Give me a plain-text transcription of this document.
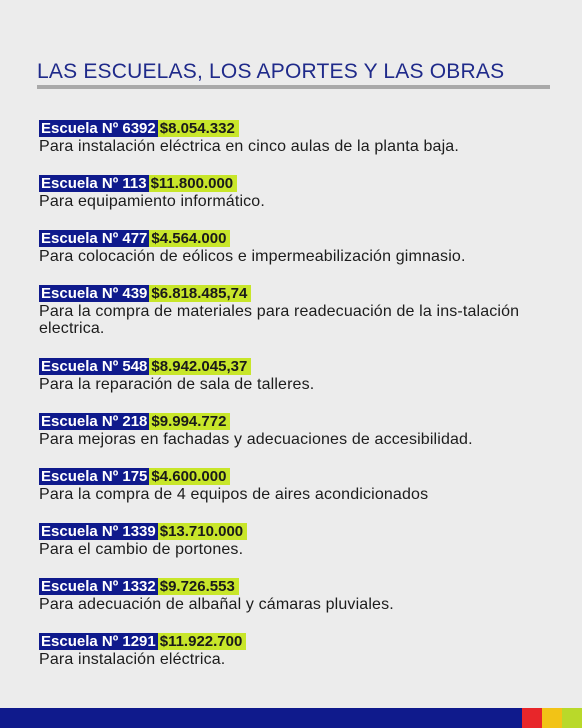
LAS ESCUELAS, LOS APORTES Y LAS OBRAS
Escuela Nº 6392 $8.054.332
Para instalación eléctrica en cinco aulas de la planta baja.
Escuela Nº 113 $11.800.000
Para equipamiento informático.
Escuela Nº 477 $4.564.000
Para colocación de eólicos e impermeabilización gimnasio.
Escuela Nº 439 $6.818.485,74
Para la compra de materiales para readecuación de la ins-talación electrica.
Escuela Nº 548 $8.942.045,37
Para la reparación de sala de talleres.
Escuela Nº 218 $9.994.772
Para mejoras en fachadas y adecuaciones de accesibilidad.
Escuela Nº 175 $4.600.000
Para la compra de 4 equipos de aires acondicionados
Escuela Nº 1339 $13.710.000
Para el cambio de portones.
Escuela Nº 1332 $9.726.553
Para adecuación de albañal y cámaras pluviales.
Escuela Nº 1291 $11.922.700
Para instalación eléctrica.
